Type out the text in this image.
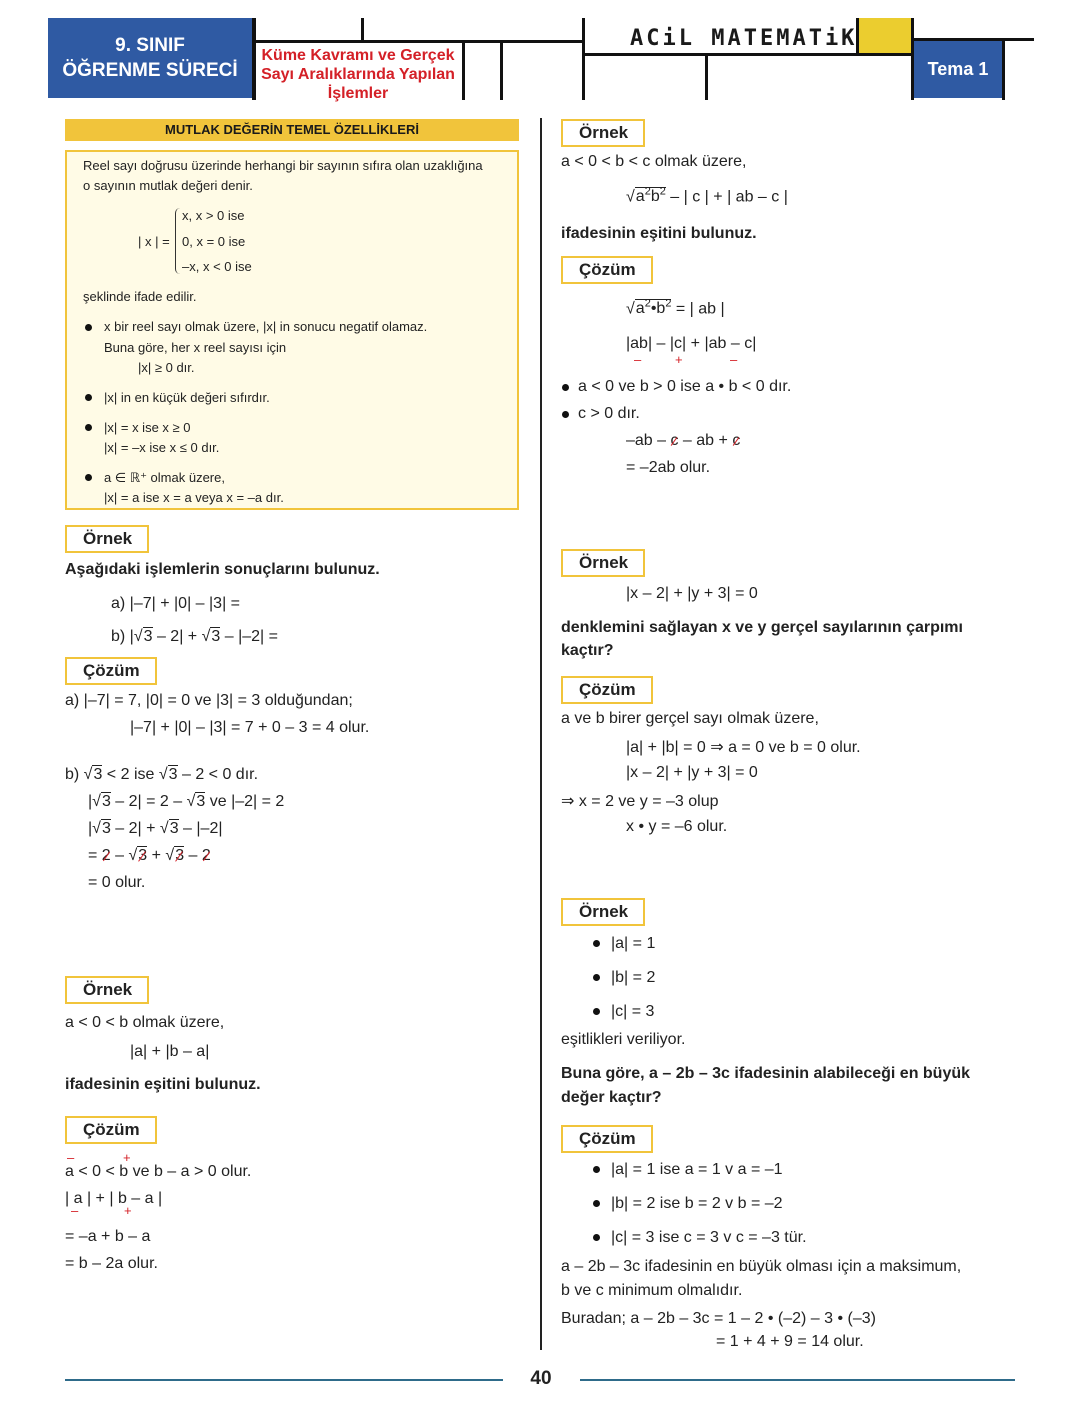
9. SINIF
ÖĞRENME SÜRECİ
Küme Kavramı ve Gerçek Sayı Aralıklarında Yapılan İşlemler
ACiL MATEMATiK
Tema 1
MUTLAK DEĞERİN TEMEL ÖZELLİKLERİ
Reel sayı doğrusu üzerinde herhangi bir sayının sıfıra olan uzaklığına
o sayının mutlak değeri denir.
| x | =
x, x > 0 ise
0, x = 0 ise
–x, x < 0 ise
şeklinde ifade edilir.
x bir reel sayı olmak üzere, |x| in sonucu negatif olamaz.
Buna göre, her x reel sayısı için
|x| ≥ 0 dır.
|x| in en küçük değeri sıfırdır.
|x| = x ise x ≥ 0
|x| = –x ise x ≤ 0 dır.
a ∈ ℝ⁺ olmak üzere,
|x| = a ise x = a veya x = –a dır.
Örnek
Aşağıdaki işlemlerin sonuçlarını bulunuz.
a) |–7| + |0| – |3| =
b) |√3 – 2| + √3 – |–2| =
Çözüm
a) |–7| = 7, |0| = 0 ve |3| = 3 olduğundan;
|–7| + |0| – |3| = 7 + 0 – 3 = 4 olur.
b) √3 < 2 ise √3 – 2 < 0 dır.
|√3 – 2| = 2 – √3 ve |–2| = 2
|√3 – 2| + √3 – |–2|
= 2 – √3 + √3 – 2
= 0 olur.
Örnek
a < 0 < b olmak üzere,
|a| + |b – a|
ifadesinin eşitini bulunuz.
Çözüm
–	+
a < 0 < b ve b – a > 0 olur.
| a | + | b – a |
–	+
= –a + b – a
= b – 2a olur.
Örnek
a < 0 < b < c olmak üzere,
$√a^2b^2$ – | c | + | ab – c |
ifadesinin eşitini bulunuz.
Çözüm
$√a^2•b^2$ = | ab |
|ab| – |c| + |ab – c|
–	+	–
a < 0 ve b > 0 ise a • b < 0 dır.
c > 0 dır.
–ab – c – ab + c
= –2ab olur.
Örnek
|x – 2| + |y + 3| = 0
denklemini sağlayan x ve y gerçel sayılarının çarpımı
kaçtır?
Çözüm
a ve b birer gerçel sayı olmak üzere,
|a| + |b| = 0 ⇒ a = 0 ve b = 0 olur.
|x – 2| + |y + 3| = 0
⇒ x = 2 ve y = –3 olup
x • y = –6 olur.
Örnek
|a| = 1
|b| = 2
|c| = 3
eşitlikleri veriliyor.
Buna göre, a – 2b – 3c ifadesinin alabileceği en büyük
değer kaçtır?
Çözüm
|a| = 1 ise a = 1 v a = –1
|b| = 2 ise b = 2 v b = –2
|c| = 3 ise c = 3 v c = –3 tür.
a – 2b – 3c ifadesinin en büyük olması için a maksimum,
b ve c minimum olmalıdır.
Buradan; a – 2b – 3c = 1 – 2 • (–2) – 3 • (–3)
= 1 + 4 + 9 = 14 olur.
40
